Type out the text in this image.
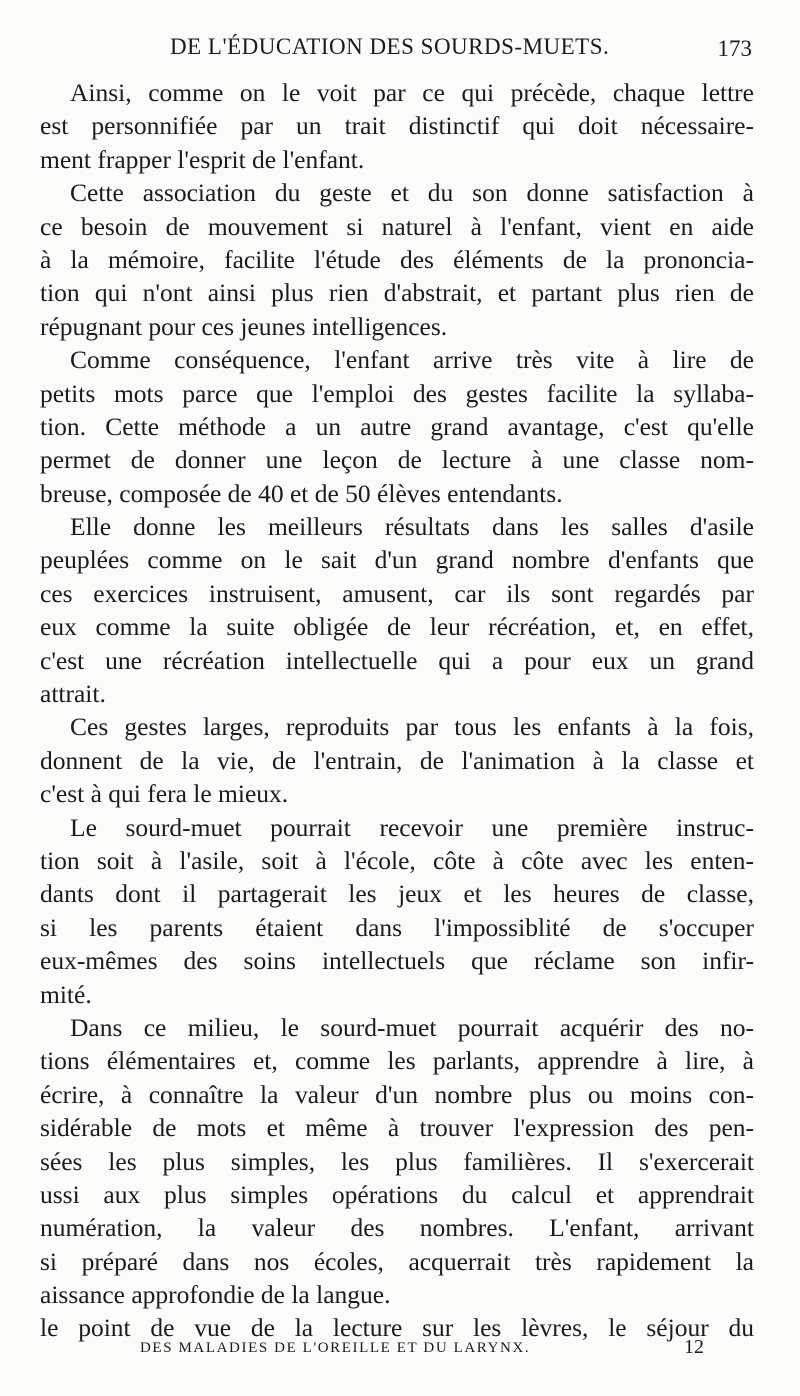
DE L'ÉDUCATION DES SOURDS-MUETS.	173
Ainsi, comme on le voit par ce qui précède, chaque lettre
est personnifiée par un trait distinctif qui doit nécessaire-
ment frapper l'esprit de l'enfant.
Cette association du geste et du son donne satisfaction à
ce besoin de mouvement si naturel à l'enfant, vient en aide
à la mémoire, facilite l'étude des éléments de la prononcia-
tion qui n'ont ainsi plus rien d'abstrait, et partant plus rien de
répugnant pour ces jeunes intelligences.
Comme conséquence, l'enfant arrive très vite à lire de
petits mots parce que l'emploi des gestes facilite la syllaba-
tion. Cette méthode a un autre grand avantage, c'est qu'elle
permet de donner une leçon de lecture à une classe nom-
breuse, composée de 40 et de 50 élèves entendants.
Elle donne les meilleurs résultats dans les salles d'asile
peuplées comme on le sait d'un grand nombre d'enfants que
ces exercices instruisent, amusent, car ils sont regardés par
eux comme la suite obligée de leur récréation, et, en effet,
c'est une récréation intellectuelle qui a pour eux un grand
attrait.
Ces gestes larges, reproduits par tous les enfants à la fois,
donnent de la vie, de l'entrain, de l'animation à la classe et
c'est à qui fera le mieux.
Le sourd-muet pourrait recevoir une première instruc-
tion soit à l'asile, soit à l'école, côte à côte avec les enten-
dants dont il partagerait les jeux et les heures de classe,
si les parents étaient dans l'impossiblité de s'occuper
eux-mêmes des soins intellectuels que réclame son infir-
mité.
Dans ce milieu, le sourd-muet pourrait acquérir des no-
tions élémentaires et, comme les parlants, apprendre à lire, à
écrire, à connaître la valeur d'un nombre plus ou moins con-
sidérable de mots et même à trouver l'expression des pen-
sées les plus simples, les plus familières. Il s'exercerait
ussi aux plus simples opérations du calcul et apprendrait
numération, la valeur des nombres. L'enfant, arrivant
si préparé dans nos écoles, acquerrait très rapidement la
aissance approfondie de la langue.
le point de vue de la lecture sur les lèvres, le séjour du
DES MALADIES DE L'OREILLE ET DU LARYNX.	12
